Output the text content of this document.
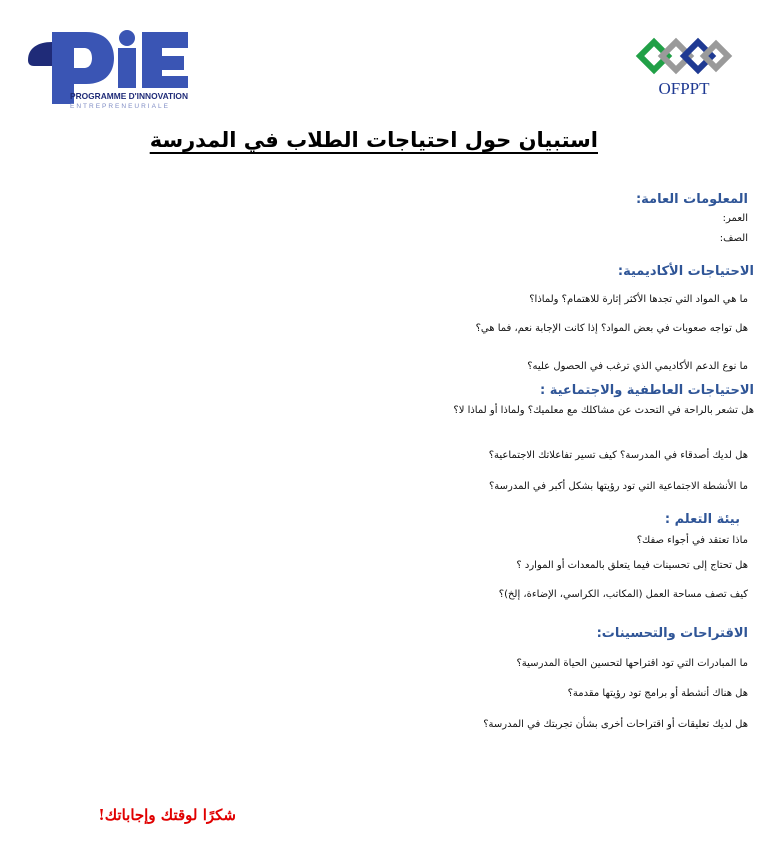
PROGRAMME D'INNOVATION
ENTREPRENEURIALE
OFPPT
استبيان حول احتياجات الطلاب في المدرسة
المعلومات العامة:
العمر:
الصف:
الاحتياجات الأكاديمية:
ما هي المواد التي تجدها الأكثر إثارة للاهتمام؟ ولماذا؟
هل تواجه صعوبات في بعض المواد؟ إذا كانت الإجابة نعم، فما هي؟
ما نوع الدعم الأكاديمي الذي ترغب في الحصول عليه؟
الاحتياجات العاطفية والاجتماعية :
هل تشعر بالراحة في التحدث عن مشاكلك مع معلميك؟ ولماذا أو لماذا لا؟
هل لديك أصدقاء في المدرسة؟ كيف تسير تفاعلاتك الاجتماعية؟
ما الأنشطة الاجتماعية التي تود رؤيتها بشكل أكبر في المدرسة؟
بيئة التعلم :
ماذا تعتقد في أجواء صفك؟
هل تحتاج إلى تحسينات فيما يتعلق بالمعدات أو الموارد ؟
كيف تصف مساحة العمل (المكاتب، الكراسي، الإضاءة، إلخ)؟
الاقتراحات والتحسينات:
ما المبادرات التي تود اقتراحها لتحسين الحياة المدرسية؟
هل هناك أنشطة أو برامج تود رؤيتها مقدمة؟
هل لديك تعليقات أو اقتراحات أخرى بشأن تجربتك في المدرسة؟
شكرًا لوقتك وإجاباتك!
